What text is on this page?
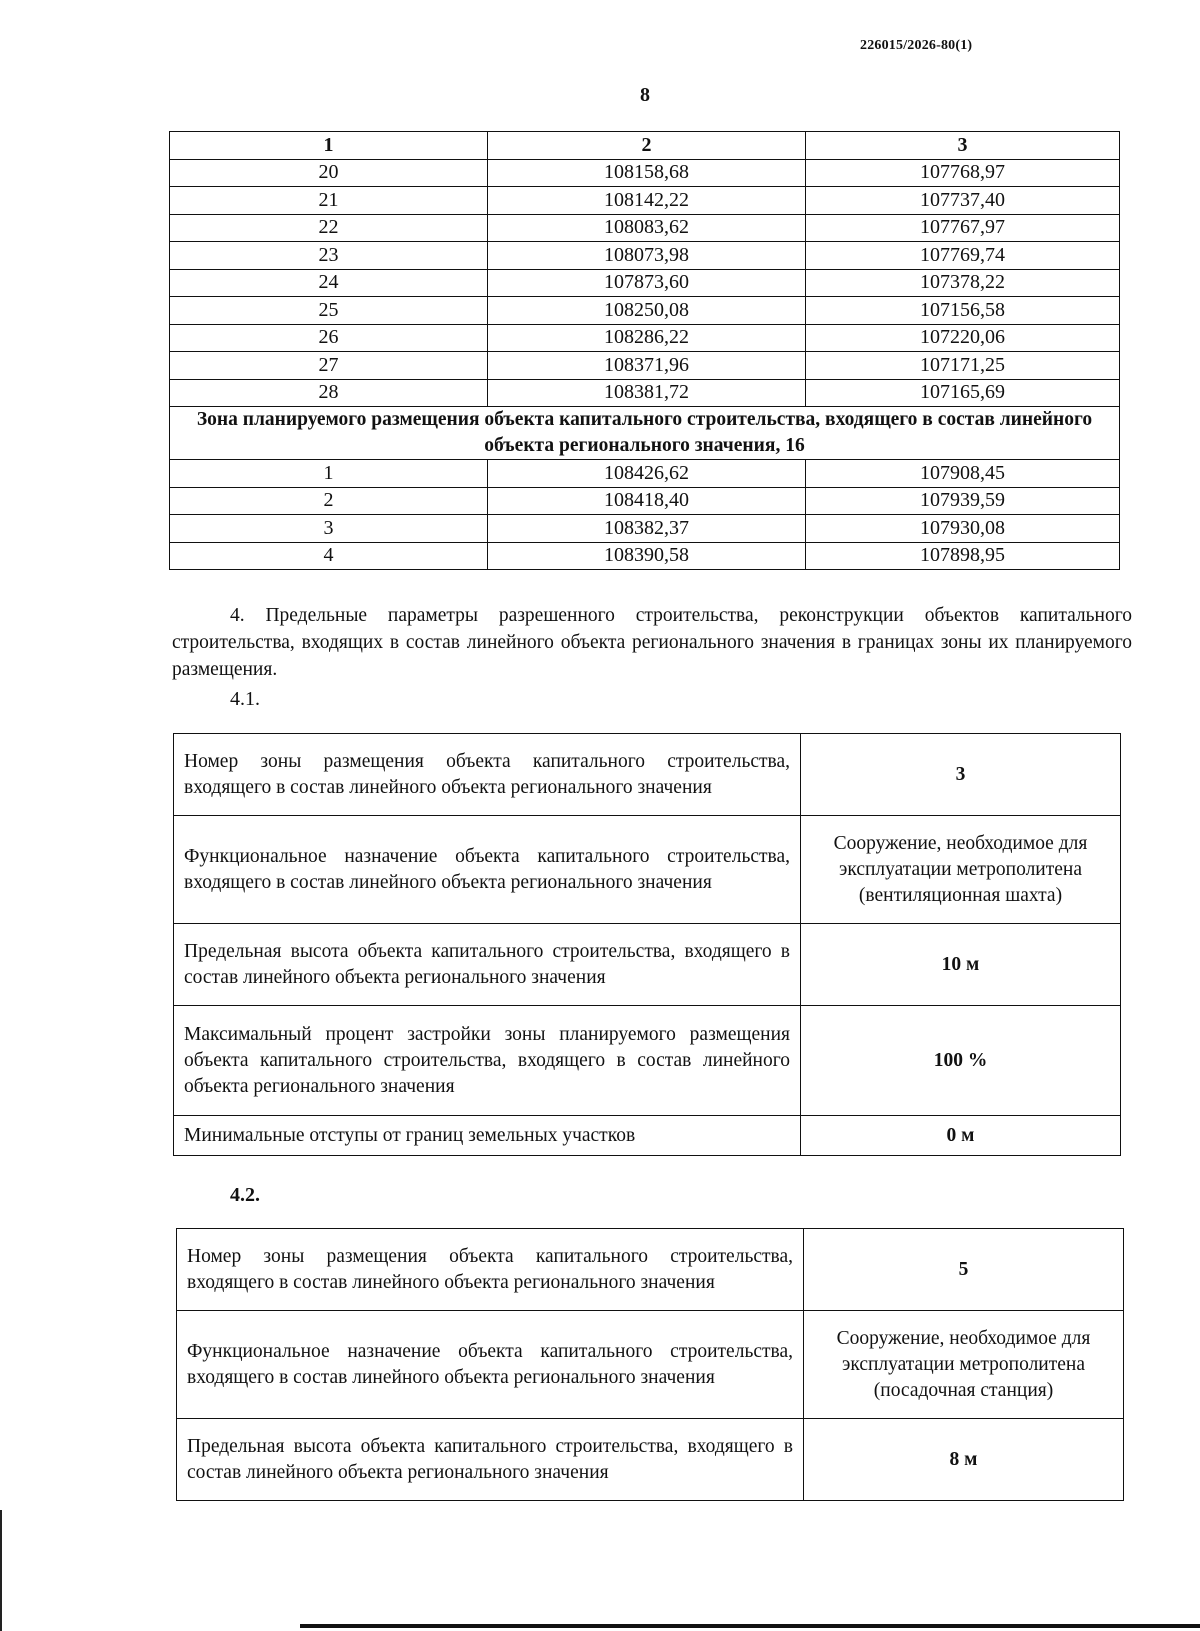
226015/2026-80(1)
8
1	2	3
20	108158,68	107768,97
21	108142,22	107737,40
22	108083,62	107767,97
23	108073,98	107769,74
24	107873,60	107378,22
25	108250,08	107156,58
26	108286,22	107220,06
27	108371,96	107171,25
28	108381,72	107165,69
Зона планируемого размещения объекта капитального строительства, входящего в состав линейного объекта регионального значения, 16		
1	108426,62	107908,45
2	108418,40	107939,59
3	108382,37	107930,08
4	108390,58	107898,95
4. Предельные параметры разрешенного строительства, реконструкции объектов капитального строительства, входящих в состав линейного объекта регионального значения в границах зоны их планируемого размещения.
4.1.
Номер зоны размещения объекта капитального строительства, входящего в состав линейного объекта регионального значения	3
Функциональное назначение объекта капитального строительства, входящего в состав линейного объекта регионального значения	Сооружение, необходимое для эксплуатации метрополитена (вентиляционная шахта)
Предельная высота объекта капитального строительства, входящего в состав линейного объекта регионального значения	10 м
Максимальный процент застройки зоны планируемого размещения объекта капитального строительства, входящего в состав линейного объекта регионального значения	100 %
Минимальные отступы от границ земельных участков	0 м
4.2.
Номер зоны размещения объекта капитального строительства, входящего в состав линейного объекта регионального значения	5
Функциональное назначение объекта капитального строительства, входящего в состав линейного объекта регионального значения	Сооружение, необходимое для эксплуатации метрополитена (посадочная станция)
Предельная высота объекта капитального строительства, входящего в состав линейного объекта регионального значения	8 м
